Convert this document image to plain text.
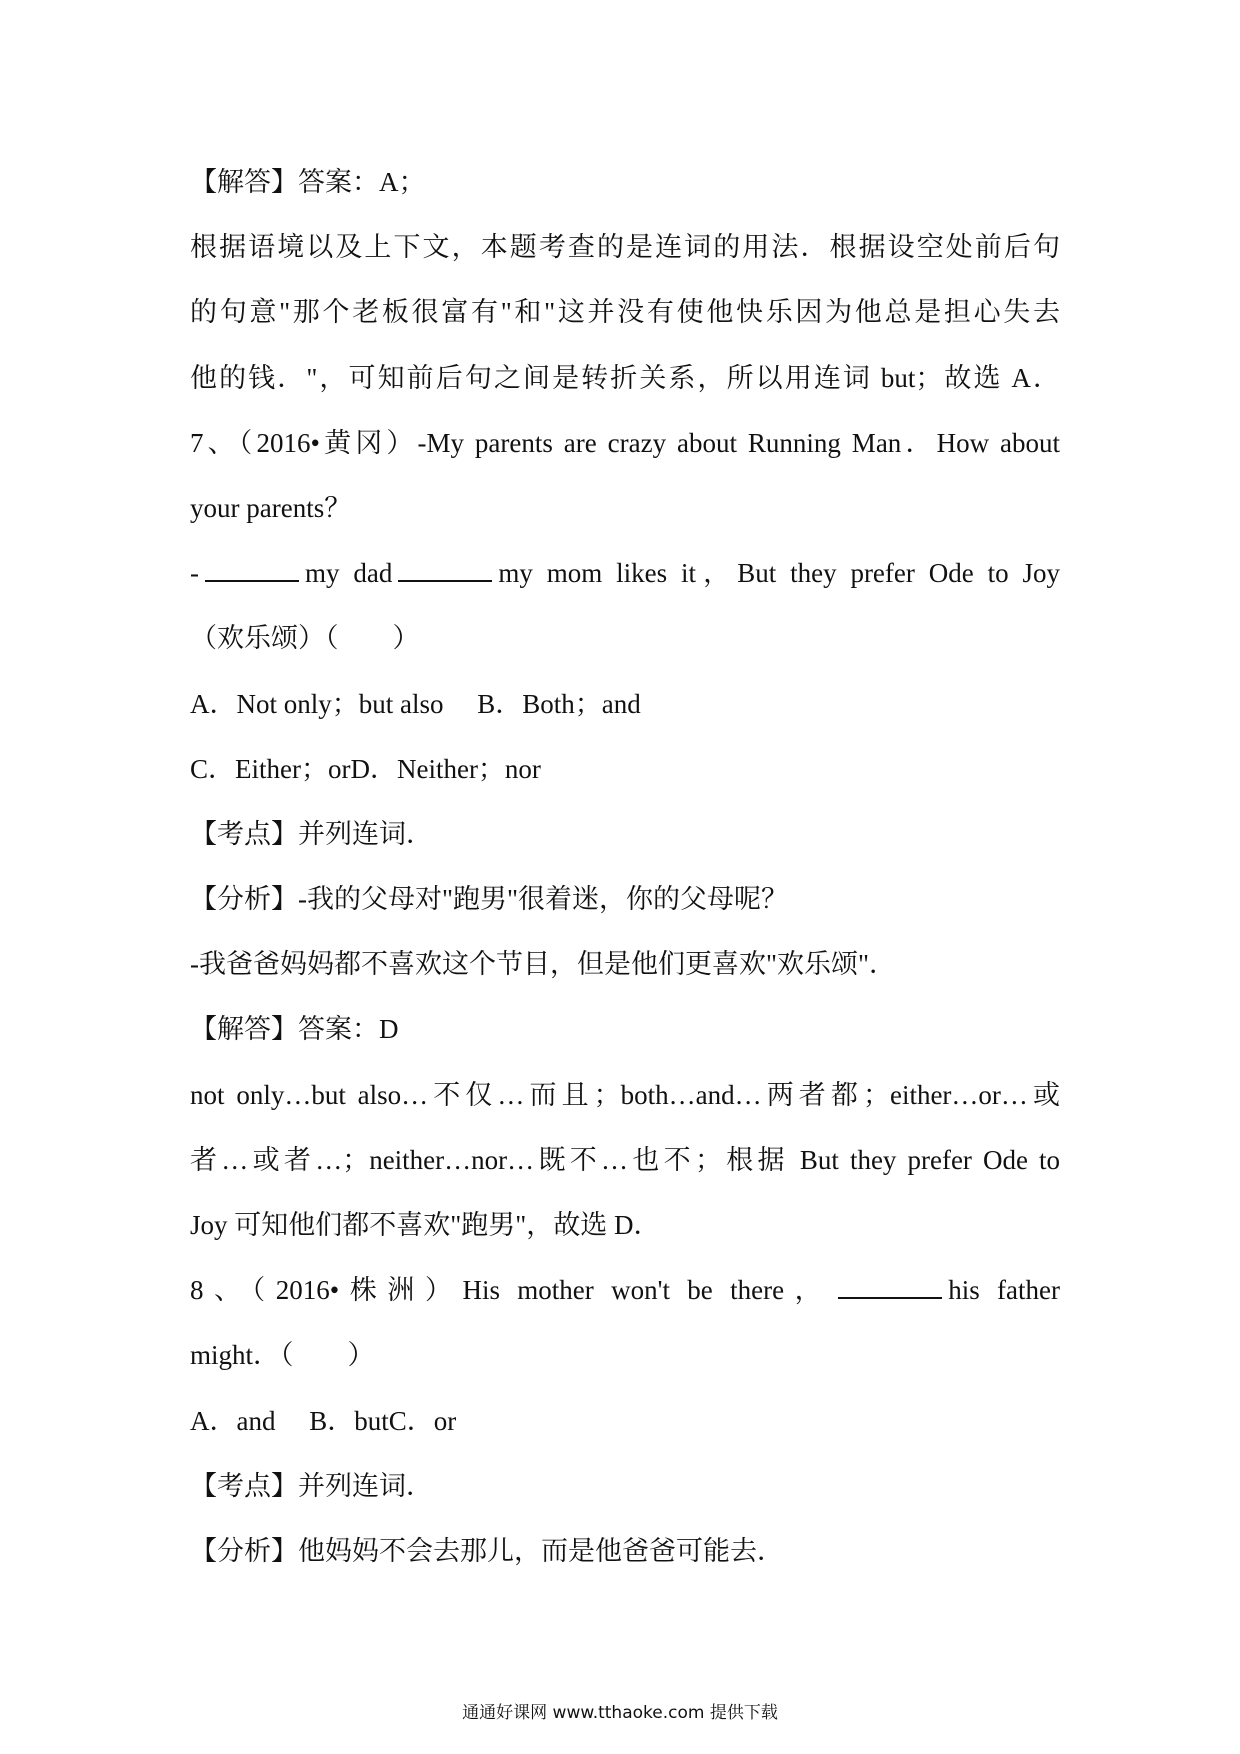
【解答】答案：A；
根据语境以及上下文，本题考查的是连词的用法．根据设空处前后句
的句意"那个老板很富有"和"这并没有使他快乐因为他总是担心失去
他的钱．"，可知前后句之间是转折关系，所以用连词 but；故选 A．
7、（2016•黄冈）-My parents are crazy about Running Man．How about
your parents？
-	my dad	my mom likes it，But they prefer Ode to Joy
（欢乐颂）（　　）
A．Not only；but also　 B．Both；and
C．Either；orD．Neither；nor
【考点】并列连词．
【分析】-我的父母对"跑男"很着迷，你的父母呢？
-我爸爸妈妈都不喜欢这个节目，但是他们更喜欢"欢乐颂"．
【解答】答案：D
not only…but also…不仅…而且；both…and…两者都；either…or…或
者…或者…；neither…nor…既不…也不；根据 But they prefer Ode to
Joy 可知他们都不喜欢"跑男"，故选 D．
8、（2016•株洲）His mother won't be there，	his father
might．（　　）
A．and　 B．butC．or
【考点】并列连词．
【分析】他妈妈不会去那儿，而是他爸爸可能去．
通通好课网 www.tthaoke.com 提供下载
